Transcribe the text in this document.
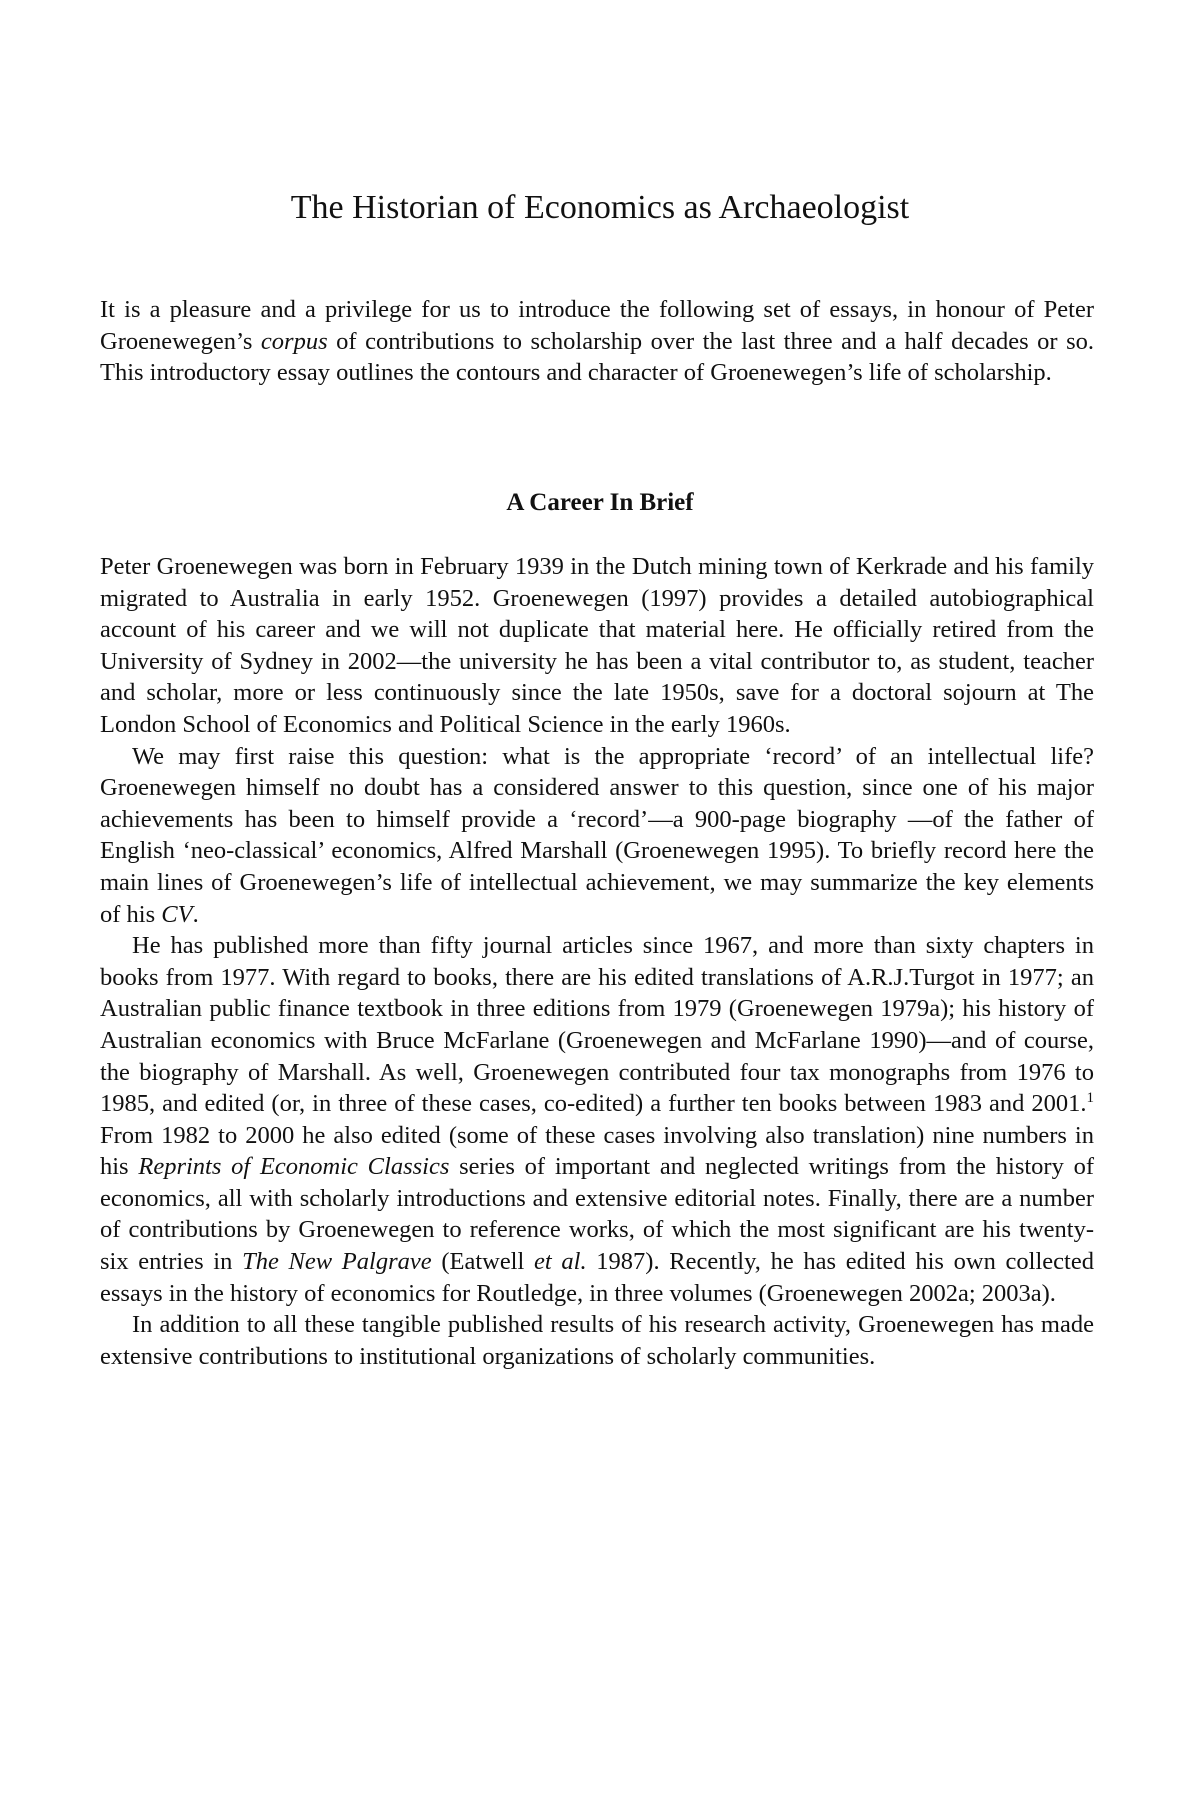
The Historian of Economics as Archaeologist

It is a pleasure and a privilege for us to introduce the following set of essays, in honour of Peter Groenewegen’s corpus of contributions to scholarship over the last three and a half decades or so. This introductory essay outlines the contours and character of Groenewegen’s life of scholarship.

A Career In Brief

Peter Groenewegen was born in February 1939 in the Dutch mining town of Kerkrade and his family migrated to Australia in early 1952. Groenewegen (1997) provides a detailed autobiographical account of his career and we will not duplicate that material here. He officially retired from the University of Sydney in 2002—the university he has been a vital contributor to, as student, teacher and scholar, more or less continuously since the late 1950s, save for a doctoral sojourn at The London School of Economics and Political Science in the early 1960s.

We may first raise this question: what is the appropriate ‘record’ of an intellectual life? Groenewegen himself no doubt has a considered answer to this question, since one of his major achievements has been to himself provide a ‘record’—a 900-page biography —of the father of English ‘neo-classical’ economics, Alfred Marshall (Groenewegen 1995). To briefly record here the main lines of Groenewegen’s life of intellectual achievement, we may summarize the key elements of his CV.

He has published more than fifty journal articles since 1967, and more than sixty chapters in books from 1977. With regard to books, there are his edited translations of A.R.J.Turgot in 1977; an Australian public finance textbook in three editions from 1979 (Groenewegen 1979a); his history of Australian economics with Bruce McFarlane (Groenewegen and McFarlane 1990)—and of course, the biography of Marshall. As well, Groenewegen contributed four tax monographs from 1976 to 1985, and edited (or, in three of these cases, co-edited) a further ten books between 1983 and 2001.$^1$ From 1982 to 2000 he also edited (some of these cases involving also translation) nine numbers in his Reprints of Economic Classics series of important and neglected writings from the history of economics, all with scholarly introductions and extensive editorial notes. Finally, there are a number of contributions by Groenewegen to reference works, of which the most significant are his twenty-six entries in The New Palgrave (Eatwell et al. 1987). Recently, he has edited his own collected essays in the history of economics for Routledge, in three volumes (Groenewegen 2002a; 2003a).

In addition to all these tangible published results of his research activity, Groenewegen has made extensive contributions to institutional organizations of scholarly communities.
